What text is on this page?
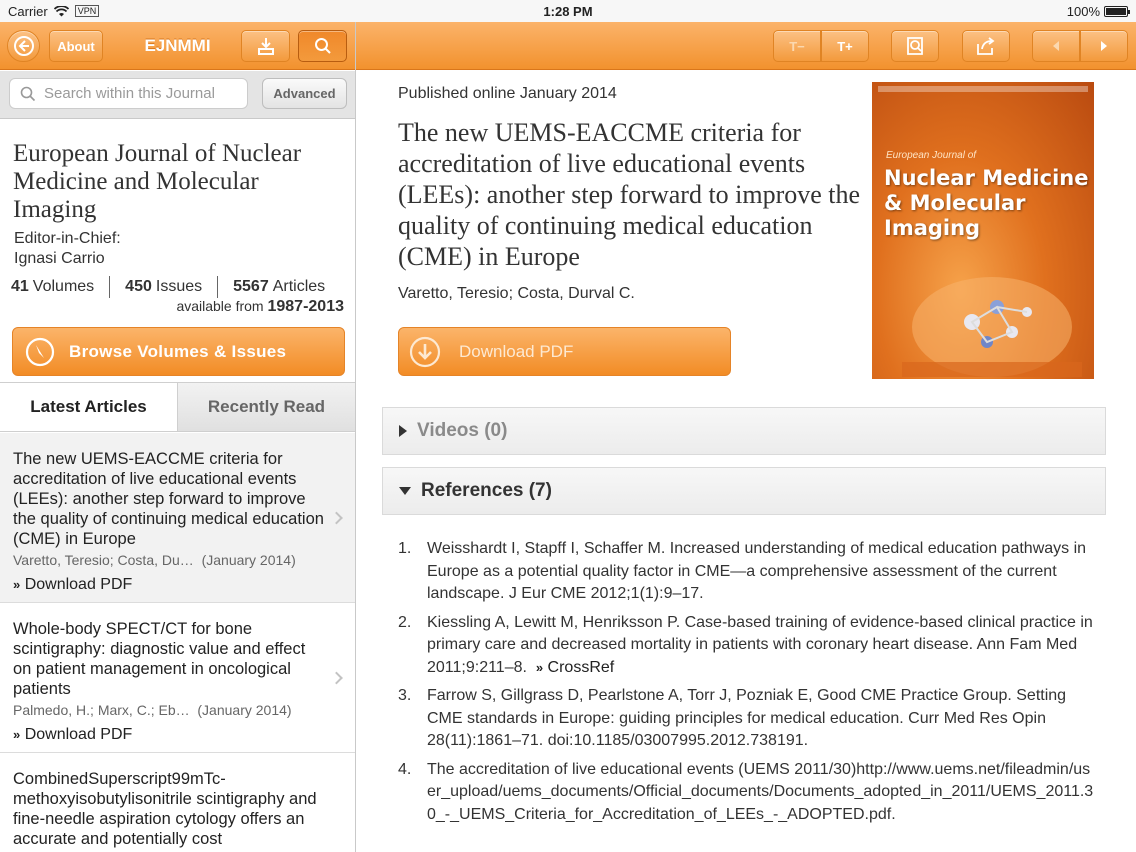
Carrier	VPN	1:28 PM	100%
About	EJNMMI	T−	T+
Search within this Journal
Advanced
European Journal of Nuclear Medicine and Molecular Imaging
Editor-in-Chief:
Ignasi Carrio
41 Volumes 450 Issues 5567 Articles
available from 1987-2013
Browse Volumes & Issues
Latest Articles	Recently Read
The new UEMS-EACCME criteria for accreditation of live educational events (LEEs): another step forward to improve the quality of continuing medical education (CME) in Europe
Varetto, Teresio; Costa, Du… (January 2014)
» Download PDF
Whole-body SPECT/CT for bone scintigraphy: diagnostic value and effect on patient management in oncological patients
Palmedo, H.; Marx, C.; Eb… (January 2014)
» Download PDF
CombinedSuperscript99mTc-methoxyisobutylisonitrile scintigraphy and fine-needle aspiration cytology offers an accurate and potentially cost
Published online January 2014
The new UEMS-EACCME criteria for accreditation of live educational events (LEEs): another step forward to improve the quality of continuing medical education (CME) in Europe
Varetto, Teresio; Costa, Durval C.
Download PDF
European Journal of
Nuclear Medicine & Molecular Imaging
Videos (0)
References (7)
1. Weisshardt I, Stapff I, Schaffer M. Increased understanding of medical education pathways in Europe as a potential quality factor in CME—a comprehensive assessment of the current landscape. J Eur CME 2012;1(1):9–17.
2. Kiessling A, Lewitt M, Henriksson P. Case-based training of evidence-based clinical practice in primary care and decreased mortality in patients with coronary heart disease. Ann Fam Med 2011;9:211–8. » CrossRef
3. Farrow S, Gillgrass D, Pearlstone A, Torr J, Pozniak E, Good CME Practice Group. Setting CME standards in Europe: guiding principles for medical education. Curr Med Res Opin 28(11):1861–71. doi:10.1185/03007995.2012.738191.
4. The accreditation of live educational events (UEMS 2011/30)http://www.uems.net/fileadmin/user_upload/uems_documents/Official_documents/Documents_adopted_in_2011/UEMS_2011.30_-_UEMS_Criteria_for_Accreditation_of_LEEs_-_ADOPTED.pdf.
